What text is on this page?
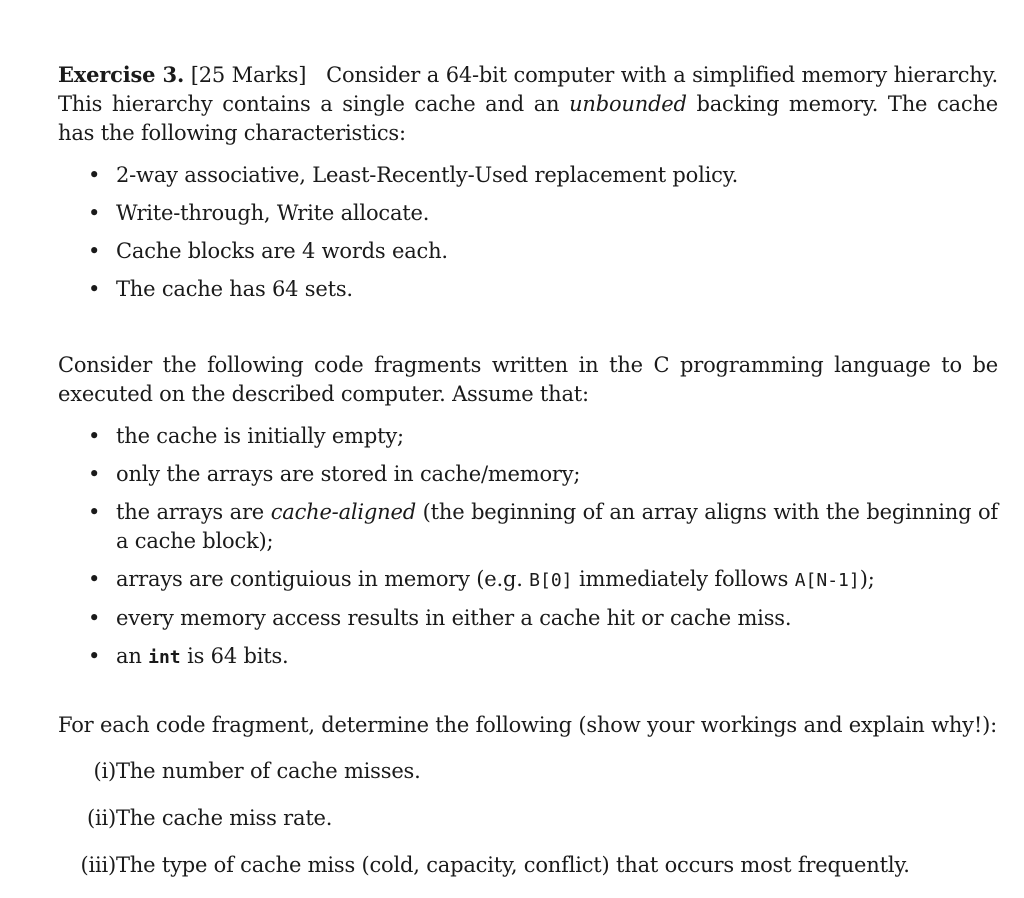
Exercise 3. [25 Marks] Consider a 64-bit computer with a simplified memory hierarchy. This hierarchy contains a single cache and an unbounded backing memory. The cache has the following characteristics:

• 2-way associative, Least-Recently-Used replacement policy.
• Write-through, Write allocate.
• Cache blocks are 4 words each.
• The cache has 64 sets.

Consider the following code fragments written in the C programming language to be executed on the described computer. Assume that:

• the cache is initially empty;
• only the arrays are stored in cache/memory;
• the arrays are cache-aligned (the beginning of an array aligns with the beginning of a cache block);
• arrays are contiguious in memory (e.g. B[0] immediately follows A[N-1]);
• every memory access results in either a cache hit or cache miss.
• an int is 64 bits.

For each code fragment, determine the following (show your workings and explain why!):

(i) The number of cache misses.
(ii) The cache miss rate.
(iii) The type of cache miss (cold, capacity, conflict) that occurs most frequently.
